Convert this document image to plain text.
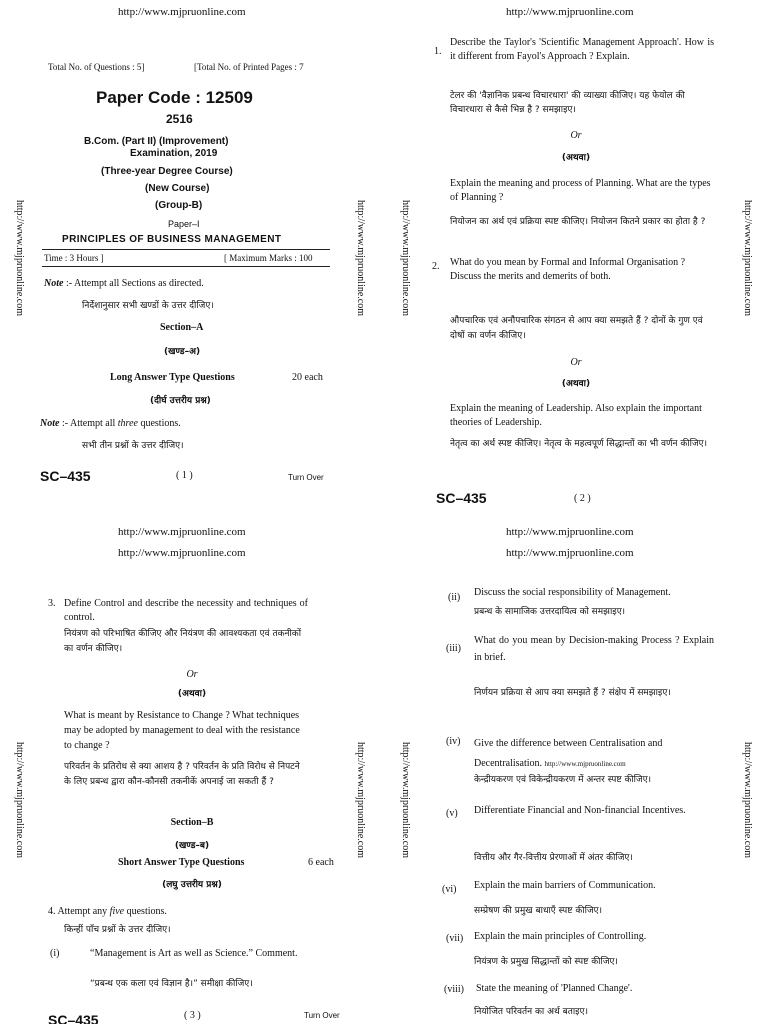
http://www.mjpruonline.com
Total No. of Questions : 5]	[Total No. of Printed Pages : 7
Paper Code : 12509
2516
B.Com. (Part II) (Improvement)
Examination, 2019
(Three-year Degree Course)
(New Course)
(Group-B)
Paper–I
PRINCIPLES OF BUSINESS MANAGEMENT
Time : 3 Hours ]	[ Maximum Marks : 100
Note :- Attempt all Sections as directed.
निर्देशानुसार सभी खण्डों के उत्तर दीजिए।
Section–A
(खण्ड–अ)
Long Answer Type Questions	20 each
(दीर्घ उत्तरीय प्रश्न)
Note :- Attempt all three questions.
सभी तीन प्रश्नों के उत्तर दीजिए।
SC–435	( 1 )	Turn Over
http://www.mjpruonline.com	http://www.mjpruonline.com
http://www.mjpruonline.com
1.
Describe the Taylor's 'Scientific Management Approach'. How is it different from Fayol's Approach ? Explain.
टेलर की 'वैज्ञानिक प्रबन्ध विचारधारा' की व्याख्या कीजिए। यह फेयोल की विचारधारा से कैसे भिन्न है ? समझाइए।
Or
(अथवा)
Explain the meaning and process of Planning. What are the types of Planning ?
नियोजन का अर्थ एवं प्रक्रिया स्पष्ट कीजिए। नियोजन कितने प्रकार का होता है ?
2. What do you mean by Formal and Informal Organisation ? Discuss the merits and demerits of both.
औपचारिक एवं अनौपचारिक संगठन से आप क्या समझते हैं ? दोनों के गुण एवं दोषों का वर्णन कीजिए।
Or
(अथवा)
Explain the meaning of Leadership. Also explain the important theories of Leadership.
नेतृत्व का अर्थ स्पष्ट कीजिए। नेतृत्व के महत्वपूर्ण सिद्धान्तों का भी वर्णन कीजिए।
SC–435	( 2 )
http://www.mjpruonline.com	http://www.mjpruonline.com
http://www.mjpruonline.com
http://www.mjpruonline.com
3. Define Control and describe the necessity and techniques of control.
नियंत्रण को परिभाषित कीजिए और नियंत्रण की आवश्यकता एवं तकनीकों का वर्णन कीजिए।
Or
(अथवा)
What is meant by Resistance to Change ? What techniques may be adopted by management to deal with the resistance to change ?
परिवर्तन के प्रतिरोध से क्या आशय है ? परिवर्तन के प्रति विरोध से निपटने के लिए प्रबन्ध द्वारा कौन-कौनसी तकनीकें अपनाई जा सकती हैं ?
Section–B
(खण्ड–ब)
Short Answer Type Questions	6 each
(लघु उत्तरीय प्रश्न)
4. Attempt any five questions.
किन्हीं पाँच प्रश्नों के उत्तर दीजिए।
(i)	“Management is Art as well as Science.” Comment.
“प्रबन्ध एक कला एवं विज्ञान है।” समीक्षा कीजिए।
SC–435	( 3 )	Turn Over
http://www.mjpruonline.com	http://www.mjpruonline.com
http://www.mjpruonline.com
http://www.mjpruonline.com
(ii) Discuss the social responsibility of Management.
प्रबन्ध के सामाजिक उत्तरदायित्व को समझाइए।
(iii)
What do you mean by Decision-making Process ? Explain in brief.
निर्णयन प्रक्रिया से आप क्या समझते हैं ? संक्षेप में समझाइए।
(iv) Give the difference between Centralisation and Decentralisation. http://www.mjpruonline.com
केन्द्रीयकरण एवं विकेन्द्रीयकरण में अन्तर स्पष्ट कीजिए।
(v) Differentiate Financial and Non-financial Incentives.
वित्तीय और गैर-वित्तीय प्रेरणाओं में अंतर कीजिए।
(vi) Explain the main barriers of Communication.
सम्प्रेषण की प्रमुख बाधाएँ स्पष्ट कीजिए।
(vii) Explain the main principles of Controlling.
नियंत्रण के प्रमुख सिद्धान्तों को स्पष्ट कीजिए।
(viii) State the meaning of 'Planned Change'.
नियोजित परिवर्तन का अर्थ बताइए।
http://www.mjpruonline.com	http://www.mjpruonline.com
